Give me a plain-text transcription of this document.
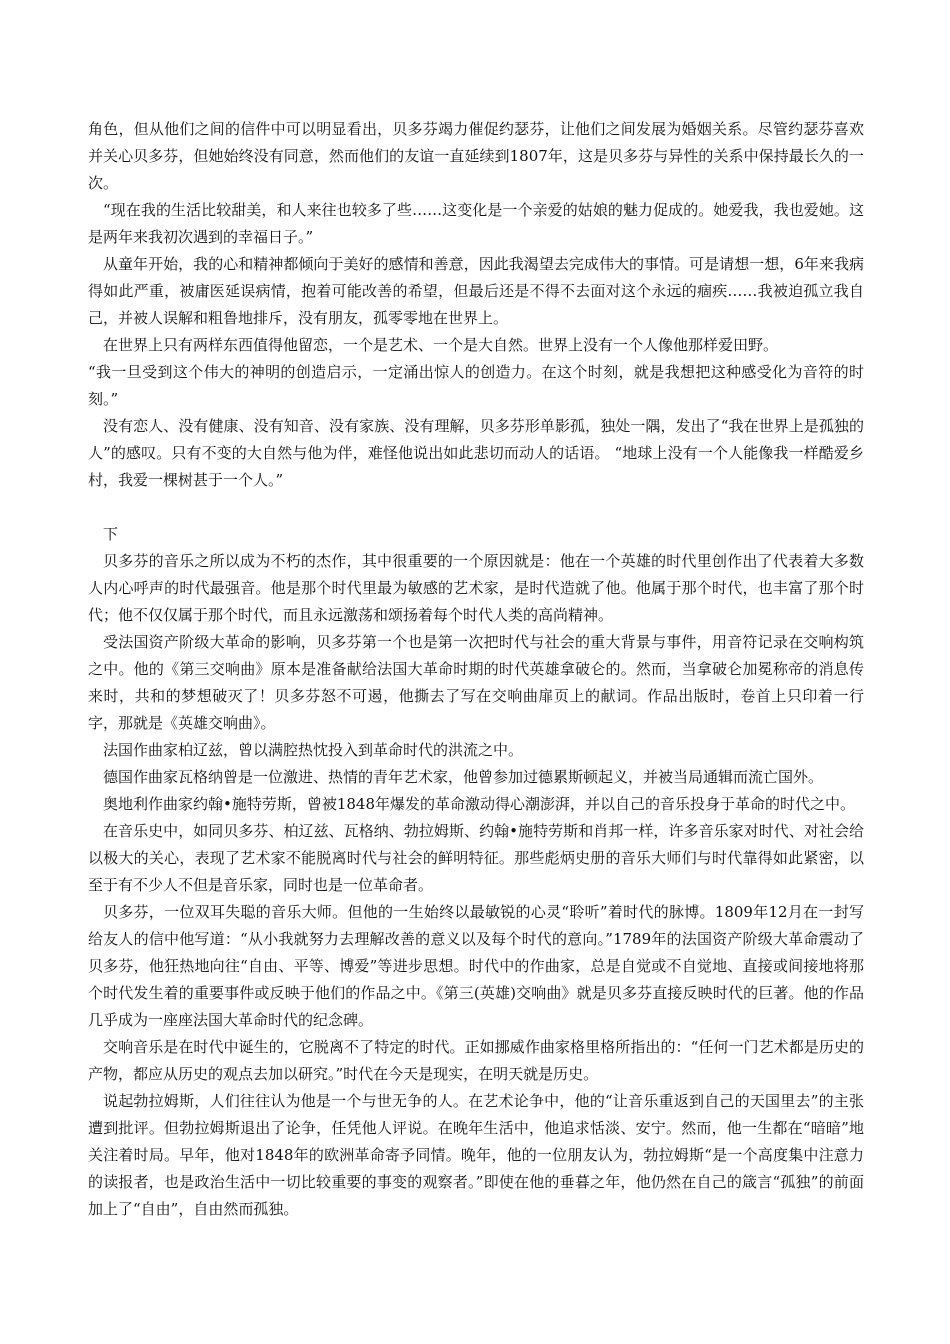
角色，但从他们之间的信件中可以明显看出，贝多芬竭力催促约瑟芬，让他们之间发展为婚姻关系。尽管约瑟芬喜欢并关心贝多芬，但她始终没有同意，然而他们的友谊一直延续到1807年，这是贝多芬与异性的关系中保持最长久的一次。

“现在我的生活比较甜美，和人来往也较多了些……这变化是一个亲爱的姑娘的魅力促成的。她爱我，我也爱她。这是两年来我初次遇到的幸福日子。”

从童年开始，我的心和精神都倾向于美好的感情和善意，因此我渴望去完成伟大的事情。可是请想一想，6年来我病得如此严重，被庸医延误病情，抱着可能改善的希望，但最后还是不得不去面对这个永远的痼疾……我被迫孤立我自己，并被人误解和粗鲁地排斥，没有朋友，孤零零地在世界上。

在世界上只有两样东西值得他留恋，一个是艺术、一个是大自然。世界上没有一个人像他那样爱田野。

“我一旦受到这个伟大的神明的创造启示，一定涌出惊人的创造力。在这个时刻，就是我想把这种感受化为音符的时刻。”

没有恋人、没有健康、没有知音、没有家族、没有理解，贝多芬形单影孤，独处一隅，发出了“我在世界上是孤独的人”的感叹。只有不变的大自然与他为伴，难怪他说出如此悲切而动人的话语。 “地球上没有一个人能像我一样酷爱乡村，我爱一棵树甚于一个人。”

下

贝多芬的音乐之所以成为不朽的杰作，其中很重要的一个原因就是：他在一个英雄的时代里创作出了代表着大多数人内心呼声的时代最强音。他是那个时代里最为敏感的艺术家，是时代造就了他。他属于那个时代，也丰富了那个时代；他不仅仅属于那个时代，而且永远激荡和颂扬着每个时代人类的高尚精神。

受法国资产阶级大革命的影响，贝多芬第一个也是第一次把时代与社会的重大背景与事件，用音符记录在交响构筑之中。他的《第三交响曲》原本是准备献给法国大革命时期的时代英雄拿破仑的。然而，当拿破仑加冕称帝的消息传来时，共和的梦想破灭了！贝多芬怒不可遏，他撕去了写在交响曲扉页上的献词。作品出版时，卷首上只印着一行字，那就是《英雄交响曲》。

法国作曲家柏辽兹，曾以满腔热忱投入到革命时代的洪流之中。

德国作曲家瓦格纳曾是一位激进、热情的青年艺术家，他曾参加过德累斯顿起义，并被当局通辑而流亡国外。

奥地利作曲家约翰•施特劳斯，曾被1848年爆发的革命激动得心潮澎湃，并以自己的音乐投身于革命的时代之中。

在音乐史中，如同贝多芬、柏辽兹、瓦格纳、勃拉姆斯、约翰•施特劳斯和肖邦一样，许多音乐家对时代、对社会给以极大的关心，表现了艺术家不能脱离时代与社会的鲜明特征。那些彪炳史册的音乐大师们与时代靠得如此紧密，以至于有不少人不但是音乐家，同时也是一位革命者。

贝多芬，一位双耳失聪的音乐大师。但他的一生始终以最敏锐的心灵“聆听”着时代的脉博。1809年12月在一封写给友人的信中他写道：“从小我就努力去理解改善的意义以及每个时代的意向。”1789年的法国资产阶级大革命震动了贝多芬，他狂热地向往“自由、平等、博爱”等进步思想。时代中的作曲家，总是自觉或不自觉地、直接或间接地将那个时代发生着的重要事件或反映于他们的作品之中。《第三(英雄)交响曲》就是贝多芬直接反映时代的巨著。他的作品几乎成为一座座法国大革命时代的纪念碑。

交响音乐是在时代中诞生的，它脱离不了特定的时代。正如挪威作曲家格里格所指出的：“任何一门艺术都是历史的产物，都应从历史的观点去加以研究。”时代在今天是现实，在明天就是历史。

说起勃拉姆斯，人们往往认为他是一个与世无争的人。在艺术论争中，他的“让音乐重返到自己的天国里去”的主张遭到批评。但勃拉姆斯退出了论争，任凭他人评说。在晚年生活中，他追求恬淡、安宁。然而，他一生都在“暗暗”地关注着时局。早年，他对1848年的欧洲革命寄予同情。晚年，他的一位朋友认为，勃拉姆斯“是一个高度集中注意力的读报者，也是政治生活中一切比较重要的事变的观察者。”即使在他的垂暮之年，他仍然在自己的箴言“孤独”的前面加上了“自由”，自由然而孤独。
